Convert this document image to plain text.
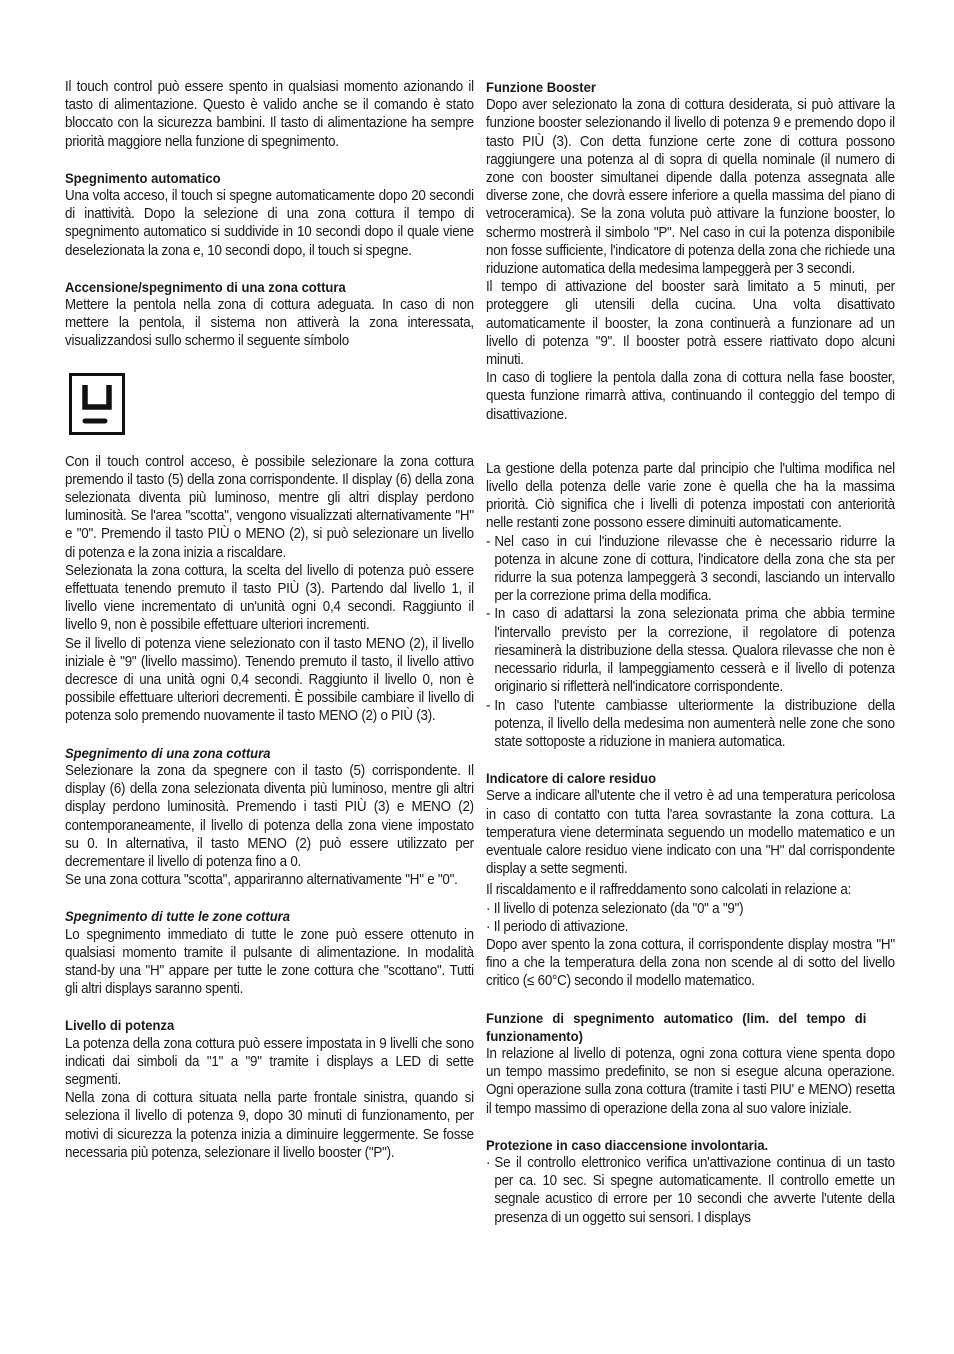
Il touch control può essere spento in qualsiasi momento azionando il tasto di alimentazione. Questo è valido anche se il comando è stato bloccato con la sicurezza bambini. Il tasto di alimentazione ha sempre priorità maggiore nella funzione di spegnimento.

Spegnimento automatico

Una volta acceso, il touch si spegne automaticamente dopo 20 secondi di inattività. Dopo la selezione di una zona cottura il tempo di spegnimento automatico si suddivide in 10 secondi dopo il quale viene deselezionata la zona e, 10 secondi dopo, il touch si spegne.

Accensione/spegnimento di una zona cottura

Mettere la pentola nella zona di cottura adeguata. In caso di non mettere la pentola, il sistema non attiverà la zona interessata, visualizzandosi sullo schermo il seguente símbolo

Con il touch control acceso, è possibile selezionare la zona cottura premendo il tasto (5) della zona corrispondente. Il display (6) della zona selezionata diventa più luminoso, mentre gli altri display perdono luminosità. Se l'area "scotta", vengono visualizzati alternativamente "H" e "0". Premendo il tasto PIÙ o MENO (2), si può selezionare un livello di potenza e la zona inizia a riscaldare.

Selezionata la zona cottura, la scelta del livello di potenza può essere effettuata tenendo premuto il tasto PIÙ (3). Partendo dal livello 1, il livello viene incrementato di un'unità ogni 0,4 secondi. Raggiunto il livello 9, non è possibile effettuare ulteriori incrementi.

Se il livello di potenza viene selezionato con il tasto MENO (2), il livello iniziale è "9" (livello massimo). Tenendo premuto il tasto, il livello attivo decresce di una unità ogni 0,4 secondi. Raggiunto il livello 0, non è possibile effettuare ulteriori decrementi. È possibile cambiare il livello di potenza solo premendo nuovamente il tasto MENO (2) o PIÙ (3).

Spegnimento di una zona cottura

Selezionare la zona da spegnere con il tasto (5) corrispondente. Il display (6) della zona selezionata diventa più luminoso, mentre gli altri display perdono luminosità. Premendo i tasti PIÙ (3) e MENO (2) contemporaneamente, il livello di potenza della zona viene impostato su 0. In alternativa, il tasto MENO (2) può essere utilizzato per decrementare il livello di potenza fino a 0.

Se una zona cottura "scotta", appariranno alternativamente "H" e "0".

Spegnimento di tutte le zone cottura

Lo spegnimento immediato di tutte le zone può essere ottenuto in qualsiasi momento tramite il pulsante di alimentazione. In modalità stand-by una "H" appare per tutte le zone cottura che "scottano". Tutti gli altri displays saranno spenti.

Livello di potenza

La potenza della zona cottura può essere impostata in 9 livelli che sono indicati dai simboli da "1" a "9" tramite i displays a LED di sette segmenti.

Nella zona di cottura situata nella parte frontale sinistra, quando si seleziona il livello di potenza 9, dopo 30 minuti di funzionamento, per motivi di sicurezza la potenza inizia a diminuire leggermente. Se fosse necessaria più potenza, selezionare il livello booster ("P").

Funzione Booster

Dopo aver selezionato la zona di cottura desiderata, si può attivare la funzione booster selezionando il livello di potenza 9 e premendo dopo il tasto PIÙ (3). Con detta funzione certe zone di cottura possono raggiungere una potenza al di sopra di quella nominale (il numero di zone con booster simultanei dipende dalla potenza assegnata alle diverse zone, che dovrà essere inferiore a quella massima del piano di vetroceramica). Se la zona voluta può attivare la funzione booster, lo schermo mostrerà il simbolo "P". Nel caso in cui la potenza disponibile non fosse sufficiente, l'indicatore di potenza della zona che richiede una riduzione automatica della medesima lampeggerà per 3 secondi.

Il tempo di attivazione del booster sarà limitato a 5 minuti, per proteggere gli utensili della cucina. Una volta disattivato automaticamente il booster, la zona continuerà a funzionare ad un livello di potenza "9". Il booster potrà essere riattivato dopo alcuni minuti.

In caso di togliere la pentola dalla zona di cottura nella fase booster, questa funzione rimarrà attiva, continuando il conteggio del tempo di disattivazione.

La gestione della potenza parte dal principio che l'ultima modifica nel livello della potenza delle varie zone è quella che ha la massima priorità. Ciò significa che i livelli di potenza impostati con anteriorità nelle restanti zone possono essere diminuiti automaticamente.

- Nel caso in cui l'induzione rilevasse che è necessario ridurre la potenza in alcune zone di cottura, l'indicatore della zona che sta per ridurre la sua potenza lampeggerà 3 secondi, lasciando un intervallo per la correzione prima della modifica.
- In caso di adattarsi la zona selezionata prima che abbia termine l'intervallo previsto per la correzione, il regolatore di potenza riesaminerà la distribuzione della stessa. Qualora rilevasse che non è necessario ridurla, il lampeggiamento cesserà e il livello di potenza originario si rifletterà nell'indicatore corrispondente.
- In caso l'utente cambiasse ulteriormente la distribuzione della potenza, il livello della medesima non aumenterà nelle zone che sono state sottoposte a riduzione in maniera automatica.
Indicatore di calore residuo

Serve a indicare all'utente che il vetro è ad una temperatura pericolosa in caso di contatto con tutta l'area sovrastante la zona cottura. La temperatura viene determinata seguendo un modello matematico e un eventuale calore residuo viene indicato con una "H" dal corrispondente display a sette segmenti.

Il riscaldamento e il raffreddamento sono calcolati in relazione a:

· Il livello di potenza selezionato (da "0" a "9")

· Il periodo di attivazione.

Dopo aver spento la zona cottura, il corrispondente display mostra "H" fino a che la temperatura della zona non scende al di sotto del livello critico (≤ 60°C) secondo il modello matematico.

Funzione di spegnimento automatico (lim. del tempo di funzionamento)

In relazione al livello di potenza, ogni zona cottura viene spenta dopo un tempo massimo predefinito, se non si esegue alcuna operazione. Ogni operazione sulla zona cottura (tramite i tasti PIU' e MENO) resetta il tempo massimo di operazione della zona al suo valore iniziale.

Protezione in caso diaccensione involontaria.
· Se il controllo elettronico verifica un'attivazione continua di un tasto per ca. 10 sec. Si spegne automaticamente. Il controllo emette un segnale acustico di errore per 10 secondi che avverte l'utente della presenza di un oggetto sui sensori. I displays
